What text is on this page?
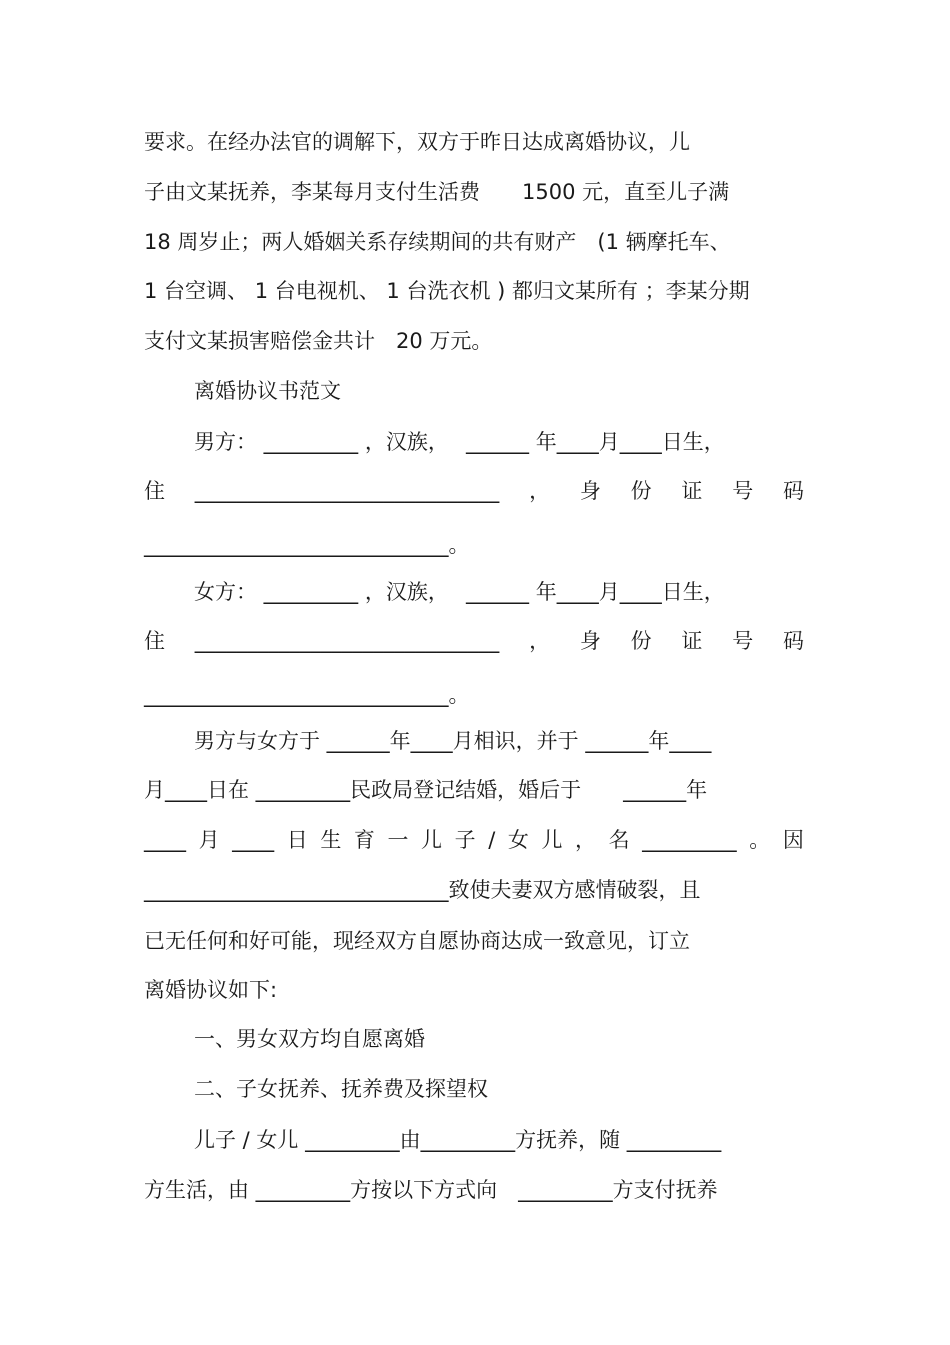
要求。在经办法官的调解下，双方于昨日达成离婚协议，儿
子由文某抚养，李某每月支付生活费　　1500 元，直至儿子满
18 周岁止；两人婚姻关系存续期间的共有财产　(1 辆摩托车、
1 台空调、 1 台电视机、 1 台洗衣机 ) 都归文某所有 ；李某分期
支付文某损害赔偿金共计　20 万元。
离婚协议书范文
男方： _________ ，汉族，　 ______ 年____月____日生，
住 _____________________________ ， 身 份 证 号 码
_____________________________。
女方： _________ ，汉族，　 ______ 年____月____日生，
住 _____________________________ ， 身 份 证 号 码
_____________________________。
男方与女方于 ______年____月相识，并于 ______年____
月____日在 _________民政局登记结婚，婚后于　　______年
____ 月 ____ 日 生 育 一 儿 子 / 女 儿 ， 名 _________ 。 因
_____________________________致使夫妻双方感情破裂，且
已无任何和好可能，现经双方自愿协商达成一致意见，订立
离婚协议如下:
一、男女双方均自愿离婚
二、子女抚养、抚养费及探望权
儿子 / 女儿 _________由_________方抚养，随 _________
方生活，由 _________方按以下方式向　_________方支付抚养
